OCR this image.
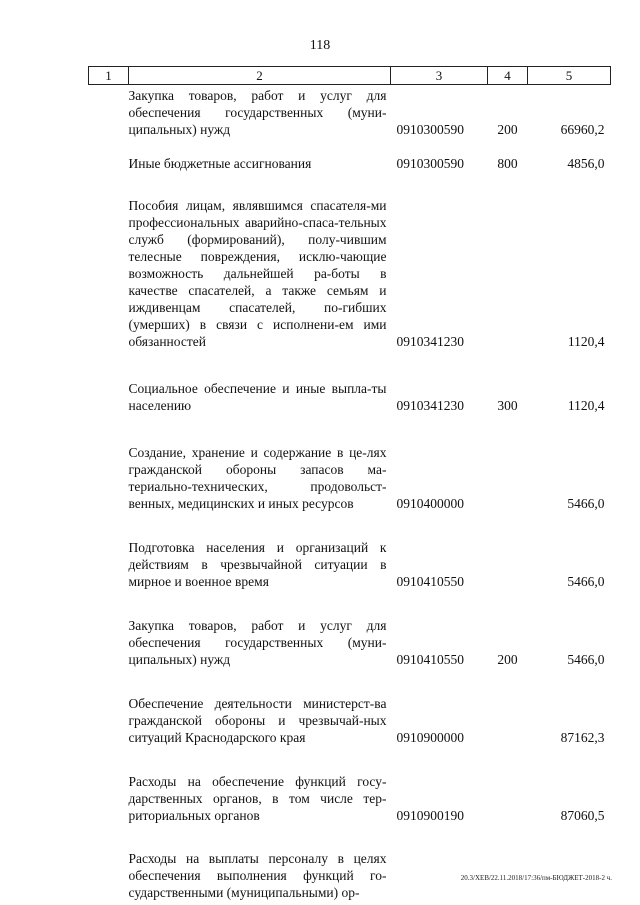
118
1	2	3	4	5

	Закупка товаров, работ и услуг для обеспечения государственных (муни-ципальных) нужд	0910300590	200	66960,2

	Иные бюджетные ассигнования	0910300590	800	4856,0

	Пособия лицам, являвшимся спасателя-ми профессиональных аварийно-спаса-тельных служб (формирований), полу-чившим телесные повреждения, исклю-чающие возможность дальнейшей ра-боты в качестве спасателей, а также семьям и иждивенцам спасателей, по-гибших (умерших) в связи с исполнени-ем ими обязанностей	0910341230		1120,4

	Социальное обеспечение и иные выпла-ты населению	0910341230	300	1120,4

	Создание, хранение и содержание в це-лях гражданской обороны запасов ма-териально-технических, продовольст-венных, медицинских и иных ресурсов	0910400000		5466,0

	Подготовка населения и организаций к действиям в чрезвычайной ситуации в мирное и военное время	0910410550		5466,0

	Закупка товаров, работ и услуг для обеспечения государственных (муни-ципальных) нужд	0910410550	200	5466,0

	Обеспечение деятельности министерст-ва гражданской обороны и чрезвычай-ных ситуаций Краснодарского края	0910900000		87162,3

	Расходы на обеспечение функций госу-дарственных органов, в том числе тер-риториальных органов	0910900190		87060,5

	Расходы на выплаты персоналу в целях обеспечения выполнения функций го-сударственными (муниципальными) ор-			
20.3/ХЕВ/22.11.2018/17:36/пм-БЮДЖЕТ-2018-2 ч.
